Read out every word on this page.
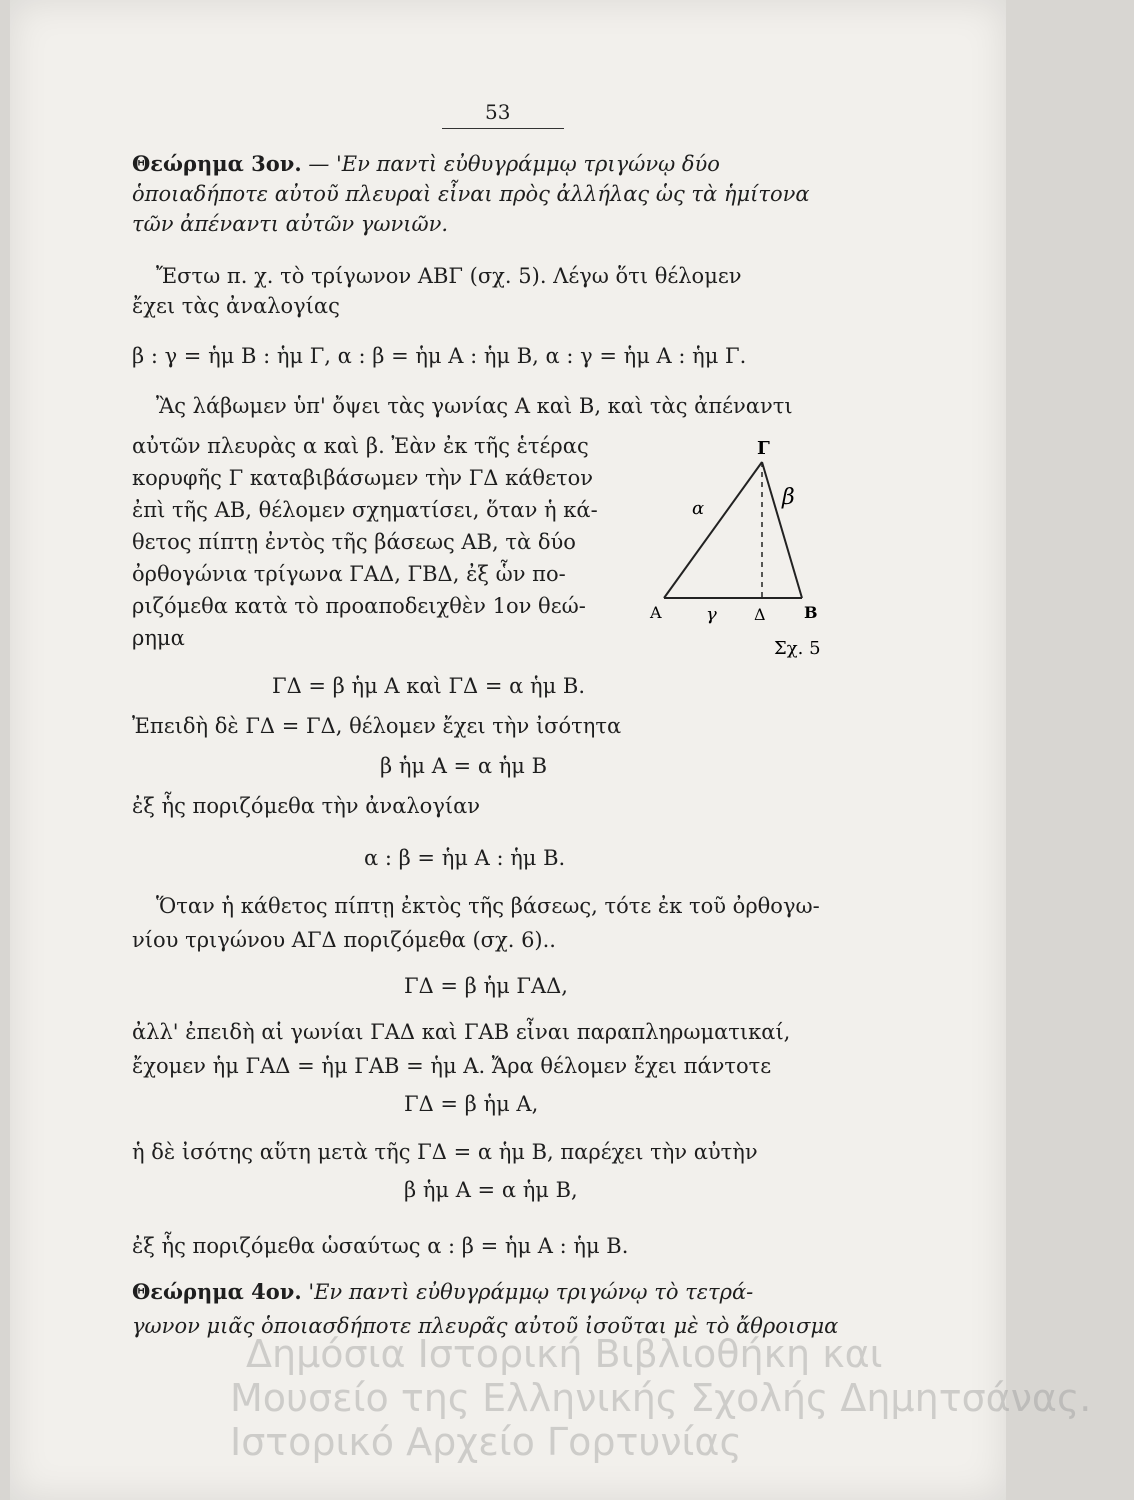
53
Θεώρημα 3ον. — 'Εν παντὶ εὐθυγράμμῳ τριγώνῳ δύο
ὁποιαδήποτε αὐτοῦ πλευραὶ εἶναι πρὸς ἀλλήλας ὡς τὰ ἡμίτονα
τῶν ἀπέναντι αὐτῶν γωνιῶν.
Ἔστω π. χ. τὸ τρίγωνον ΑΒΓ (σχ. 5). Λέγω ὅτι θέλομεν
ἔχει τὰς ἀναλογίας
β : γ = ἡμ Β : ἡμ Γ, α : β = ἡμ Α : ἡμ Β, α : γ = ἡμ Α : ἡμ Γ.
Ἂς λάβωμεν ὑπ' ὄψει τὰς γωνίας Α καὶ Β, καὶ τὰς ἀπέναντι
αὐτῶν πλευρὰς α καὶ β. Ἐὰν ἐκ τῆς ἑτέρας
κορυφῆς Γ καταβιβάσωμεν τὴν ΓΔ κάθετον
ἐπὶ τῆς ΑΒ, θέλομεν σχηματίσει, ὅταν ἡ κά-
θετος πίπτῃ ἐντὸς τῆς βάσεως ΑΒ, τὰ δύο
ὀρθογώνια τρίγωνα ΓΑΔ, ΓΒΔ, ἐξ ὧν πο-
ριζόμεθα κατὰ τὸ προαποδειχθὲν 1ον θεώ-
ρημα
Γ
α	β
Α γ Δ Β
Σχ. 5
ΓΔ = β ἡμ Α καὶ ΓΔ = α ἡμ Β.
Ἐπειδὴ δὲ ΓΔ = ΓΔ, θέλομεν ἔχει τὴν ἰσότητα
β ἡμ Α = α ἡμ Β
ἐξ ἧς ποριζόμεθα τὴν ἀναλογίαν
α : β = ἡμ Α : ἡμ Β.
Ὅταν ἡ κάθετος πίπτῃ ἐκτὸς τῆς βάσεως, τότε ἐκ τοῦ ὀρθογω-
νίου τριγώνου ΑΓΔ ποριζόμεθα (σχ. 6)..
ΓΔ = β ἡμ ΓΑΔ,
ἀλλ' ἐπειδὴ αἱ γωνίαι ΓΑΔ καὶ ΓΑΒ εἶναι παραπληρωματικαί,
ἔχομεν ἡμ ΓΑΔ = ἡμ ΓΑΒ = ἡμ Α. Ἄρα θέλομεν ἔχει πάντοτε
ΓΔ = β ἡμ Α,
ἡ δὲ ἰσότης αὕτη μετὰ τῆς ΓΔ = α ἡμ Β, παρέχει τὴν αὐτὴν
β ἡμ Α = α ἡμ Β,
ἐξ ἧς ποριζόμεθα ὡσαύτως α : β = ἡμ Α : ἡμ Β.
Θεώρημα 4ον. 'Εν παντὶ εὐθυγράμμῳ τριγώνῳ τὸ τετρά-
γωνον μιᾶς ὁποιασδήποτε πλευρᾶς αὐτοῦ ἰσοῦται μὲ τὸ ἄθροισμα
Δημόσια Ιστορική Βιβλιοθήκη και
Μουσείο της Ελληνικής Σχολής Δημητσάνας.
Ιστορικό Αρχείο Γορτυνίας
